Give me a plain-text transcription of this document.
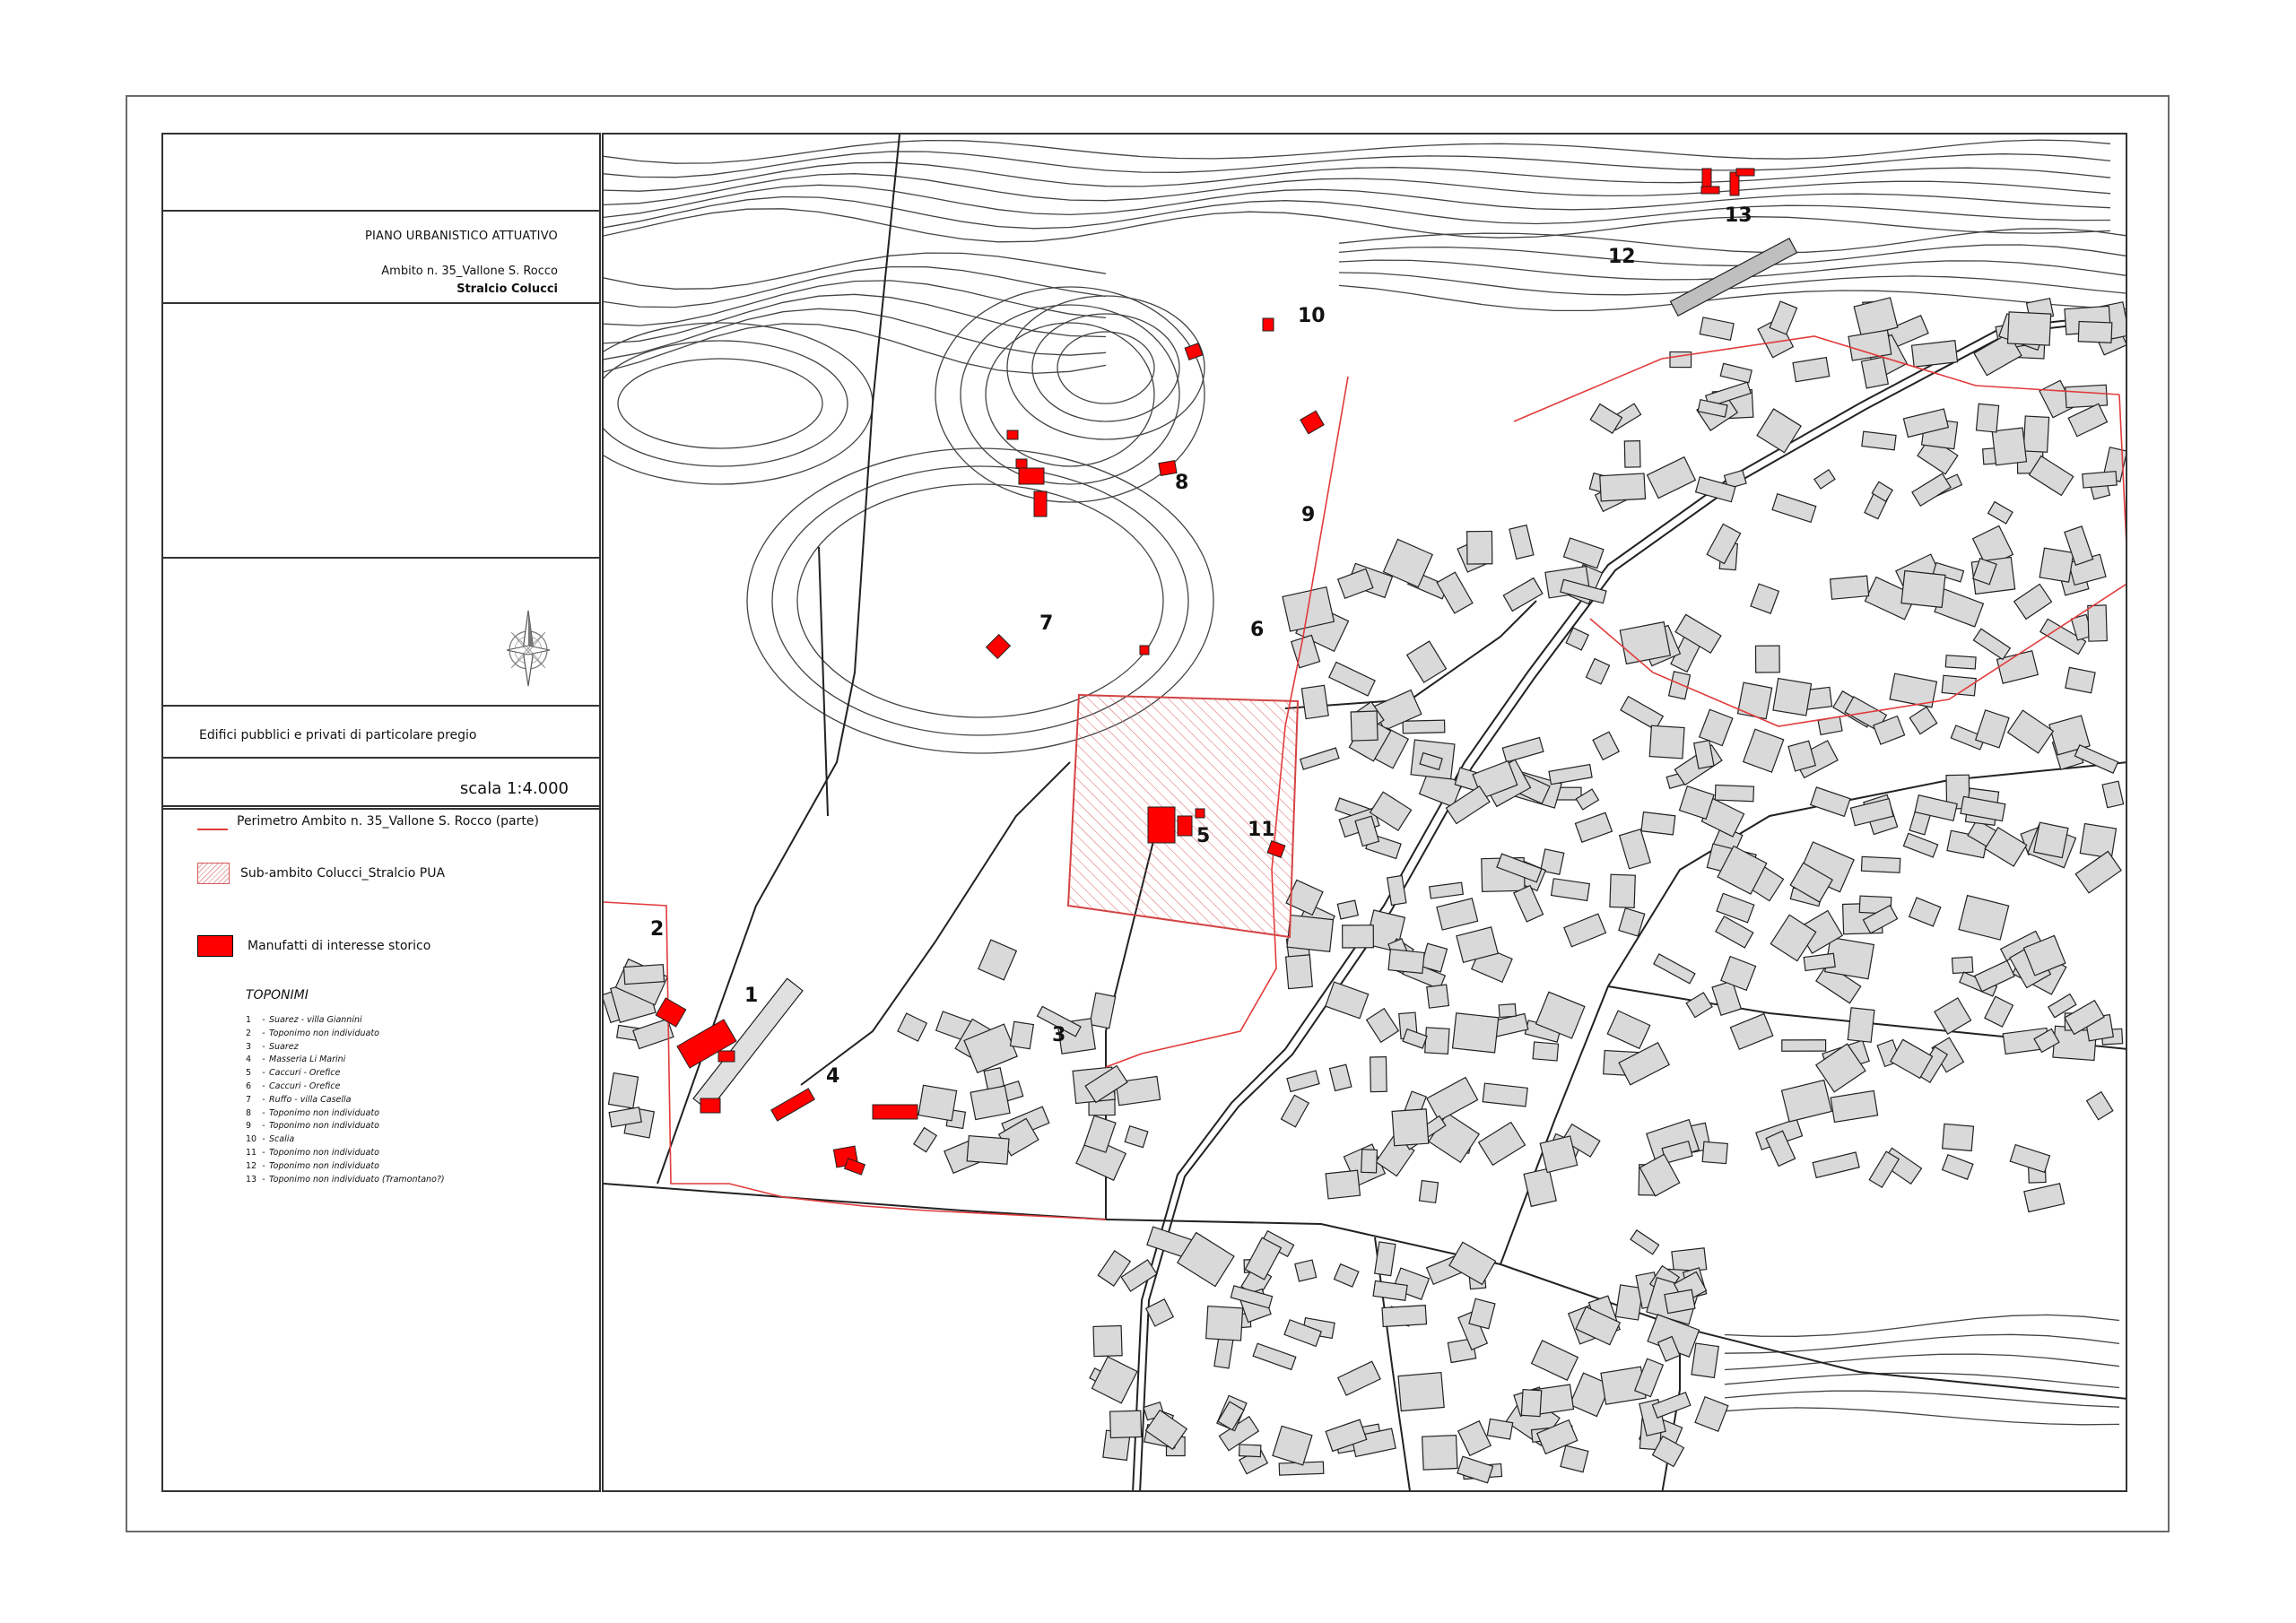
PIANO URBANISTICO ATTUATIVO
Ambito n. 35_Vallone S. Rocco
Stralcio Colucci
Edifici pubblici e privati di particolare pregio
scala 1:4.000
Perimetro Ambito n. 35_Vallone S. Rocco (parte)
Sub-ambito Colucci_Stralcio PUA
Manufatti di interesse storico
TOPONIMI
1 - Suarez - villa Giannini
2 - Toponimo non individuato
3 - Suarez
4 - Masseria Li Marini
5 - Caccuri - Orefice
6 - Caccuri - Orefice
7 - Ruffo - villa Casella
8 - Toponimo non individuato
9 - Toponimo non individuato
10 - Scalia
11 - Toponimo non individuato
12 - Toponimo non individuato
13 - Toponimo non individuato (Tramontano?)
1
2
3
4
5
6
7
8
9
10
11
12
13
